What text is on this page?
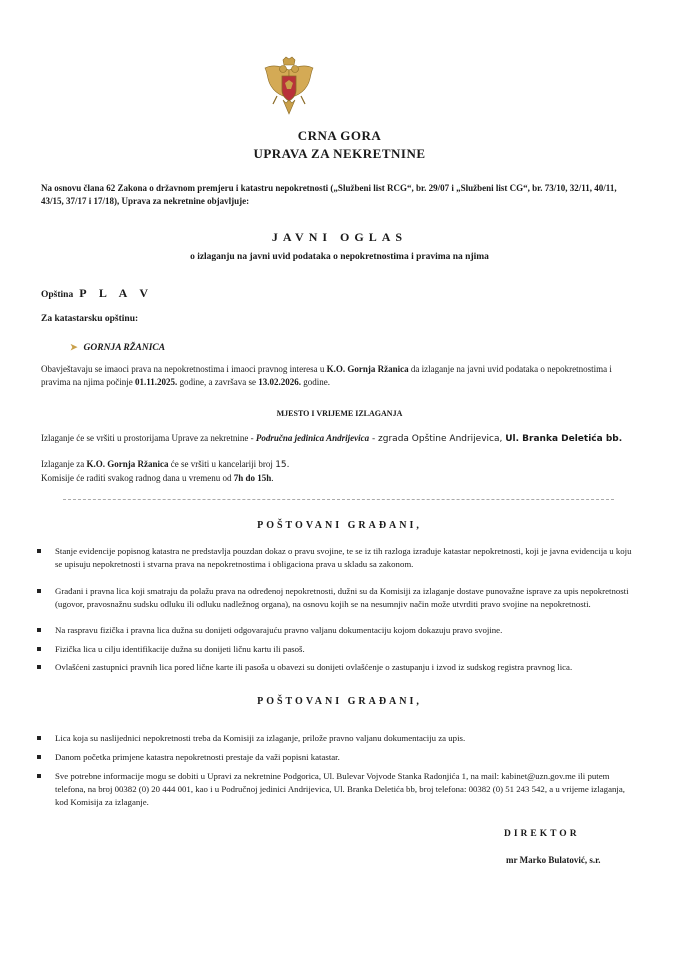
CRNA GORA
UPRAVA ZA NEKRETNINE
Na osnovu člana 62 Zakona o državnom premjeru i katastru nepokretnosti („Službeni list RCG“, br. 29/07 i „Službeni list CG“, br. 73/10, 32/11, 40/11, 43/15, 37/17 i 17/18), Uprava za nekretnine objavljuje:
JAVNI OGLAS
o izlaganju na javni uvid podataka o nepokretnostima i pravima na njima
Opština P L A V
Za katastarsku opštinu:
➤ GORNJA RŽANICA
Obavještavaju se imaoci prava na nepokretnostima i imaoci pravnog interesa u K.O. Gornja Ržanica da izlaganje na javni uvid podataka o nepokretnostima i pravima na njima počinje 01.11.2025. godine, a završava se 13.02.2026. godine.
MJESTO I VRIJEME IZLAGANJA
Izlaganje će se vršiti u prostorijama Uprave za nekretnine - Područna jedinica Andrijevica - zgrada Opštine Andrijevica, Ul. Branka Deletića bb.
Izlaganje za K.O. Gornja Ržanica će se vršiti u kancelariji broj 15.
Komisije će raditi svakog radnog dana u vremenu od 7h do 15h.
POŠTOVANI GRAĐANI,
Stanje evidencije popisnog katastra ne predstavlja pouzdan dokaz o pravu svojine, te se iz tih razloga izrađuje katastar nepokretnosti, koji je javna evidencija u koju se upisuju nepokretnosti i stvarna prava na nepokretnostima i obligaciona prava u skladu sa zakonom.
Građani i pravna lica koji smatraju da polažu prava na određenoj nepokretnosti, dužni su da Komisiji za izlaganje dostave punovažne isprave za upis nepokretnosti (ugovor, pravosnažnu sudsku odluku ili odluku nadležnog organa), na osnovu kojih se na nesumnjiv način može utvrditi pravo svojine na nepokretnosti.
Na raspravu fizička i pravna lica dužna su donijeti odgovarajuću pravno valjanu dokumentaciju kojom dokazuju pravo svojine.
Fizička lica u cilju identifikacije dužna su donijeti ličnu kartu ili pasoš.
Ovlašćeni zastupnici pravnih lica pored lične karte ili pasoša u obavezi su donijeti ovlašćenje o zastupanju i izvod iz sudskog registra pravnog lica.
POŠTOVANI GRAĐANI,
Lica koja su naslijednici nepokretnosti treba da Komisiji za izlaganje, prilože pravno valjanu dokumentaciju za upis.
Danom početka primjene katastra nepokretnosti prestaje da važi popisni katastar.
Sve potrebne informacije mogu se dobiti u Upravi za nekretnine Podgorica, Ul. Bulevar Vojvode Stanka Radonjića 1, na mail: kabinet@uzn.gov.me ili putem telefona, na broj 00382 (0) 20 444 001, kao i u Područnoj jedinici Andrijevica, Ul. Branka Deletića bb, broj telefona: 00382 (0) 51 243 542, a u vrijeme izlaganja, kod Komisija za izlaganje.
DIREKTOR
mr Marko Bulatović, s.r.
